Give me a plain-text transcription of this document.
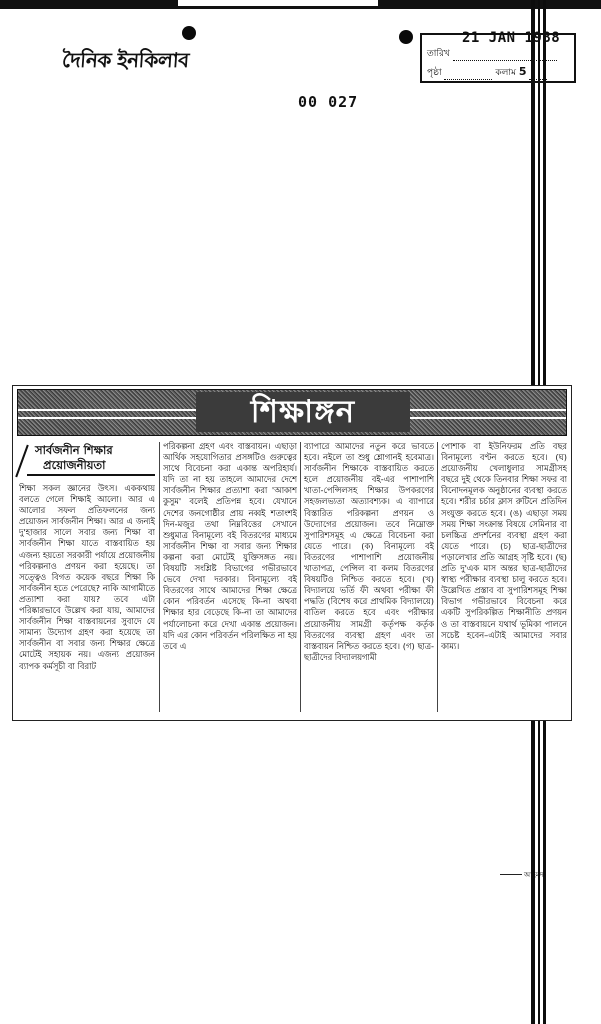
দৈনিক ইনকিলাব
21 JAN 1988
তারিখ
পৃষ্ঠা	কলাম 5
00 027
শিক্ষাঙ্গন
সার্বজনীন শিক্ষার
প্রয়োজনীয়তা

শিক্ষা সকল জ্ঞানের উৎস। এককথায় বলতে গেলে শিক্ষাই আলো। আর এ আলোর সফল প্রতিফলনের জন্য প্রয়োজন সার্বজনীন শিক্ষা। আর এ জন্যই দু'হাজার সালে সবার জন্য শিক্ষা বা সার্বজনীন শিক্ষা যাতে বাস্তবায়িত হয় এজন্য হয়তো সরকারী পর্যায়ে প্রয়োজনীয় পরিকল্পনাও প্রণয়ন করা হয়েছে। তা সত্ত্বেও বিগত কয়েক বছরে শিক্ষা কি সার্বজনীন হতে পেরেছে? নাকি আগামীতে প্রত্যাশা করা যায়? তবে এটা পরিষ্কারভাবে উল্লেখ করা যায়, আমাদের সার্বজনীন শিক্ষা বাস্তবায়নের সুবাদে যে সামান্য উদ্যোগ গ্রহণ করা হয়েছে তা সার্বজনীন বা সবার জন্য শিক্ষার ক্ষেত্রে মোটেই সহায়ক নয়। এজন্য প্রয়োজন ব্যাপক কর্মসূচী বা বিরাট

পরিকল্পনা গ্রহণ এবং বাস্তবায়ন। এছাড়া আর্থিক সহযোগিতার প্রসঙ্গটিও গুরুত্বের সাথে বিবেচনা করা একান্ত অপরিহার্য। যদি তা না হয় তাহলে আমাদের দেশে সার্বজনীন শিক্ষার প্রত্যাশা করা 'আকাশ কুসুম' বলেই প্রতিপন্ন হবে। যেখানে দেশের জনগোষ্ঠীর প্রায় নব্বই শতাংশই দিন-মজুর তথা নিম্নবিত্তের সেখানে শুধুমাত্র বিনামূল্যে বই বিতরণের মাধ্যমে সার্বজনীন শিক্ষা বা সবার জন্য শিক্ষার কল্পনা করা মোটেই যুক্তিসঙ্গত নয়। বিষয়টি সংশ্লিষ্ট বিভাগের গভীরভাবে ভেবে দেখা দরকার। বিনামূল্যে বই বিতরণের সাথে আমাদের শিক্ষা ক্ষেত্রে কোন পরিবর্তন এসেছে কি-না অথবা শিক্ষার হার বেড়েছে কি-না তা আমাদের পর্যালোচনা করে দেখা একান্ত প্রয়োজন। যদি এর কোন পরিবর্তন পরিলক্ষিত না হয় তবে এ

ব্যাপারে আমাদের নতুন করে ভাবতে হবে। নইলে তা শুধু শ্লোগানই হবেমাত্র। সার্বজনীন শিক্ষাকে বাস্তবায়িত করতে হলে প্রয়োজনীয় বই-এর পাশাপাশি খাতা-পেন্সিলসহ শিক্ষার উপকরণের সহজলভ্যতা অত্যাবশ্যক। এ ব্যাপারে বিস্তারিত পরিকল্পনা প্রণয়ন ও উদ্যোগের প্রয়োজন। তবে নিম্নোক্ত সুপারিশসমূহ এ ক্ষেত্রে বিবেচনা করা যেতে পারে। (ক) বিনামূল্যে বই বিতরণের পাশাপাশি প্রয়োজনীয় খাতাপত্র, পেন্সিল বা কলম বিতরণের বিষয়টিও নিশ্চিত করতে হবে। (খ) বিদ্যালয়ে ভর্তি ফী অথবা পরীক্ষা ফী পদ্ধতি (বিশেষ করে প্রাথমিক বিদ্যালয়ে) বাতিল করতে হবে এবং পরীক্ষার প্রয়োজনীয় সামগ্রী কর্তৃপক্ষ কর্তৃক বিতরণের ব্যবস্থা গ্রহণ এবং তা বাস্তবায়ন নিশ্চিত করতে হবে। (গ) ছাত্র-ছাত্রীদের বিদ্যালয়গামী

পোশাক বা ইউনিফরম প্রতি বছর বিনামূল্যে বণ্টন করতে হবে। (ঘ) প্রয়োজনীয় খেলাধুলার সামগ্রীসহ বছরে দুই থেকে তিনবার শিক্ষা সফর বা বিনোদনমূলক অনুষ্ঠানের ব্যবস্থা করতে হবে। শরীর চর্চার ক্লাস রুটিনে প্রতিদিন সংযুক্ত করতে হবে। (ঙ) এছাড়া সময় সময় শিক্ষা সংক্রান্ত বিষয়ে সেমিনার বা চলচ্চিত্র প্রদর্শনের ব্যবস্থা গ্রহণ করা যেতে পারে। (চ) ছাত্র-ছাত্রীদের পড়ালেখার প্রতি আগ্রহ সৃষ্টি হবে। (ছ) প্রতি দু'এক মাস অন্তর ছাত্র-ছাত্রীদের স্বাস্থ্য পরীক্ষার ব্যবস্থা চালু করতে হবে। উল্লেখিত প্রস্তাব বা সুপারিশসমূহ শিক্ষা বিভাগ গভীরভাবে বিবেচনা করে একটি সুপরিকল্পিত শিক্ষানীতি প্রণয়ন ও তা বাস্তবায়নে যথার্থ ভূমিকা পালনে সচেষ্ট হবেন–এটাই আমাদের সবার কাম্য।

আহমদ
